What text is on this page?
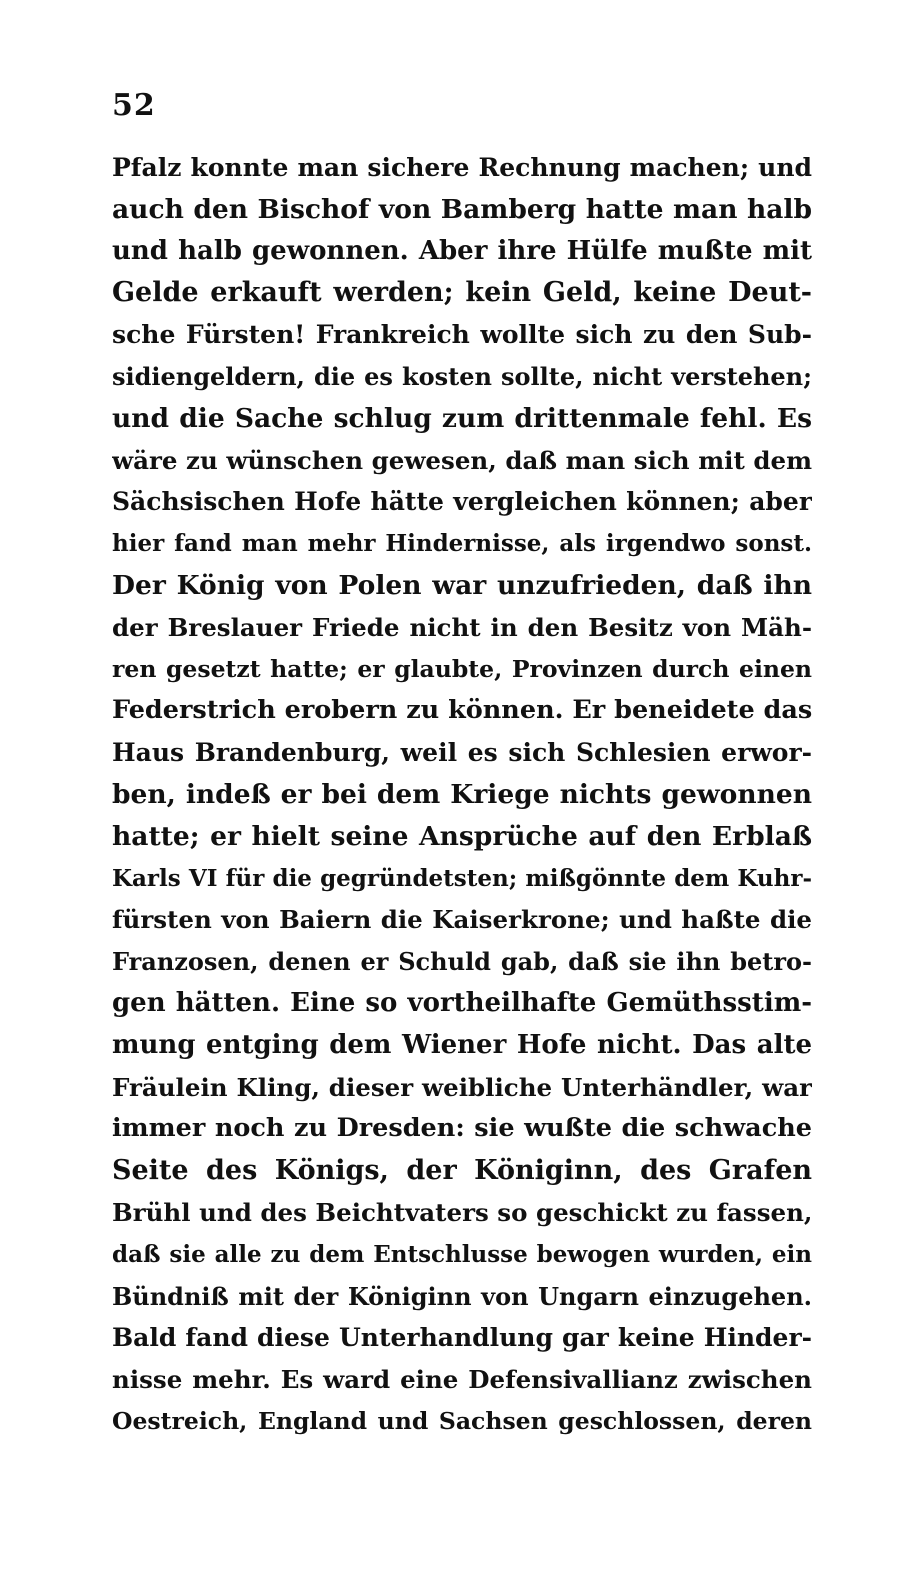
52
Pfalz konnte man sichere Rechnung machen; und
auch den Bischof von Bamberg hatte man halb
und halb gewonnen. Aber ihre Hülfe mußte mit
Gelde erkauft werden; kein Geld, keine Deut-
sche Fürsten! Frankreich wollte sich zu den Sub-
sidiengeldern, die es kosten sollte, nicht verstehen;
und die Sache schlug zum drittenmale fehl. Es
wäre zu wünschen gewesen, daß man sich mit dem
Sächsischen Hofe hätte vergleichen können; aber
hier fand man mehr Hindernisse, als irgendwo sonst.
Der König von Polen war unzufrieden, daß ihn
der Breslauer Friede nicht in den Besitz von Mäh-
ren gesetzt hatte; er glaubte, Provinzen durch einen
Federstrich erobern zu können. Er beneidete das
Haus Brandenburg, weil es sich Schlesien erwor-
ben, indeß er bei dem Kriege nichts gewonnen
hatte; er hielt seine Ansprüche auf den Erblaß
Karls VI für die gegründetsten; mißgönnte dem Kuhr-
fürsten von Baiern die Kaiserkrone; und haßte die
Franzosen, denen er Schuld gab, daß sie ihn betro-
gen hätten. Eine so vortheilhafte Gemüthsstim-
mung entging dem Wiener Hofe nicht. Das alte
Fräulein Kling, dieser weibliche Unterhändler, war
immer noch zu Dresden: sie wußte die schwache
Seite des Königs, der Königinn, des Grafen
Brühl und des Beichtvaters so geschickt zu fassen,
daß sie alle zu dem Entschlusse bewogen wurden, ein
Bündniß mit der Königinn von Ungarn einzugehen.
Bald fand diese Unterhandlung gar keine Hinder-
nisse mehr. Es ward eine Defensivallianz zwischen
Oestreich, England und Sachsen geschlossen, deren
